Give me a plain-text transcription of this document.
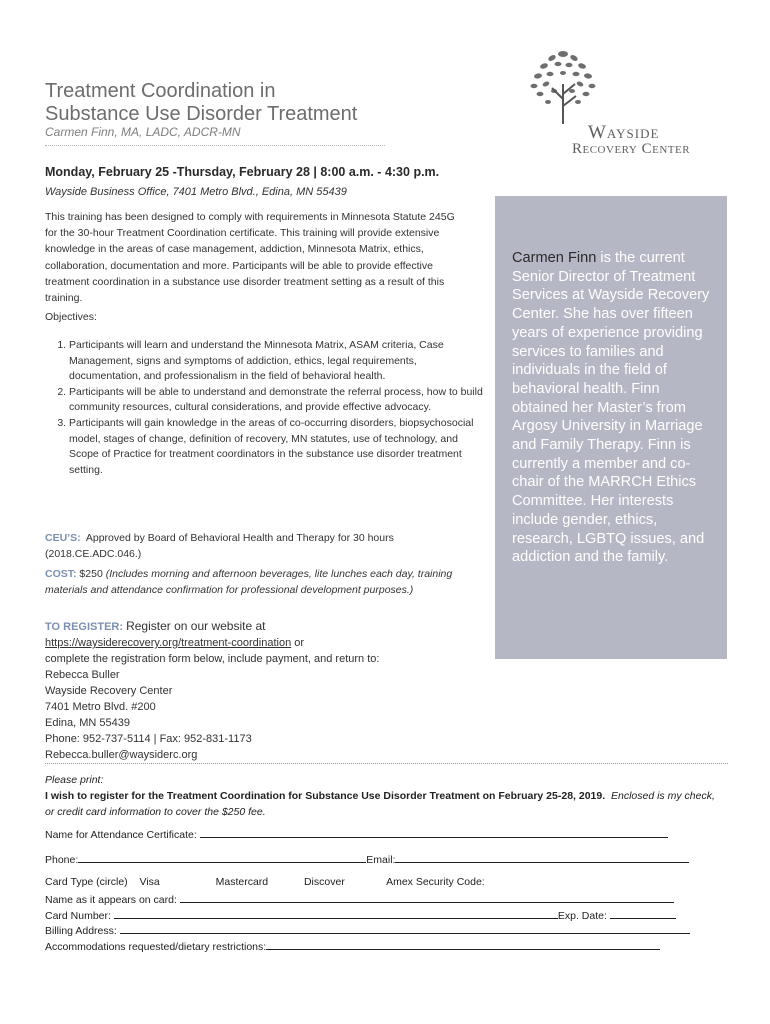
Treatment Coordination in
Substance Use Disorder Treatment
Carmen Finn, MA, LADC, ADCR-MN	Wayside
Recovery Center
Monday, February 25 -Thursday, February 28 | 8:00 a.m. - 4:30 p.m.
Wayside Business Office, 7401 Metro Blvd., Edina, MN 55439
This training has been designed to comply with requirements in Minnesota Statute 245G for the 30-hour Treatment Coordination certificate. This training will provide extensive knowledge in the areas of case management, addiction, Minnesota Matrix, ethics, collaboration, documentation and more. Participants will be able to provide effective treatment coordination in a substance use disorder treatment setting as a result of this training.
Objectives:
1. Participants will learn and understand the Minnesota Matrix, ASAM criteria, Case Management, signs and symptoms of addiction, ethics, legal requirements, documentation, and professionalism in the field of behavioral health.
2. Participants will be able to understand and demonstrate the referral process, how to build community resources, cultural considerations, and provide effective advocacy.
3. Participants will gain knowledge in the areas of co-occurring disorders, biopsychosocial model, stages of change, definition of recovery, MN statutes, use of technology, and Scope of Practice for treatment coordinators in the substance use disorder treatment setting.
CEU’S: Approved by Board of Behavioral Health and Therapy for 30 hours (2018.CE.ADC.046.)
COST: $250 (Includes morning and afternoon beverages, lite lunches each day, training materials and attendance confirmation for professional development purposes.)
TO REGISTER: Register on our website at
https://waysiderecovery.org/treatment-coordination or
complete the registration form below, include payment, and return to:
Rebecca Buller
Wayside Recovery Center
7401 Metro Blvd. #200
Edina, MN 55439
Phone: 952-737-5114 | Fax: 952-831-1173
Rebecca.buller@waysiderc.org
Carmen Finn is the current Senior Director of Treatment Services at Wayside Recovery Center. She has over fifteen years of experience providing services to families and individuals in the field of behavioral health. Finn obtained her Master’s from Argosy University in Marriage and Family Therapy. Finn is currently a member and co-chair of the MARRCH Ethics Committee. Her interests include gender, ethics, research, LGBTQ issues, and addiction and the family.
Please print:
I wish to register for the Treatment Coordination for Substance Use Disorder Treatment on February 25-28, 2019. Enclosed is my check, or credit card information to cover the $250 fee.
Name for Attendance Certificate:
Phone:	Email:
Card Type (circle) Visa	Mastercard	Discover	Amex Security Code:
Name as it appears on card:
Card Number:	Exp. Date:
Billing Address:
Accommodations requested/dietary restrictions:
